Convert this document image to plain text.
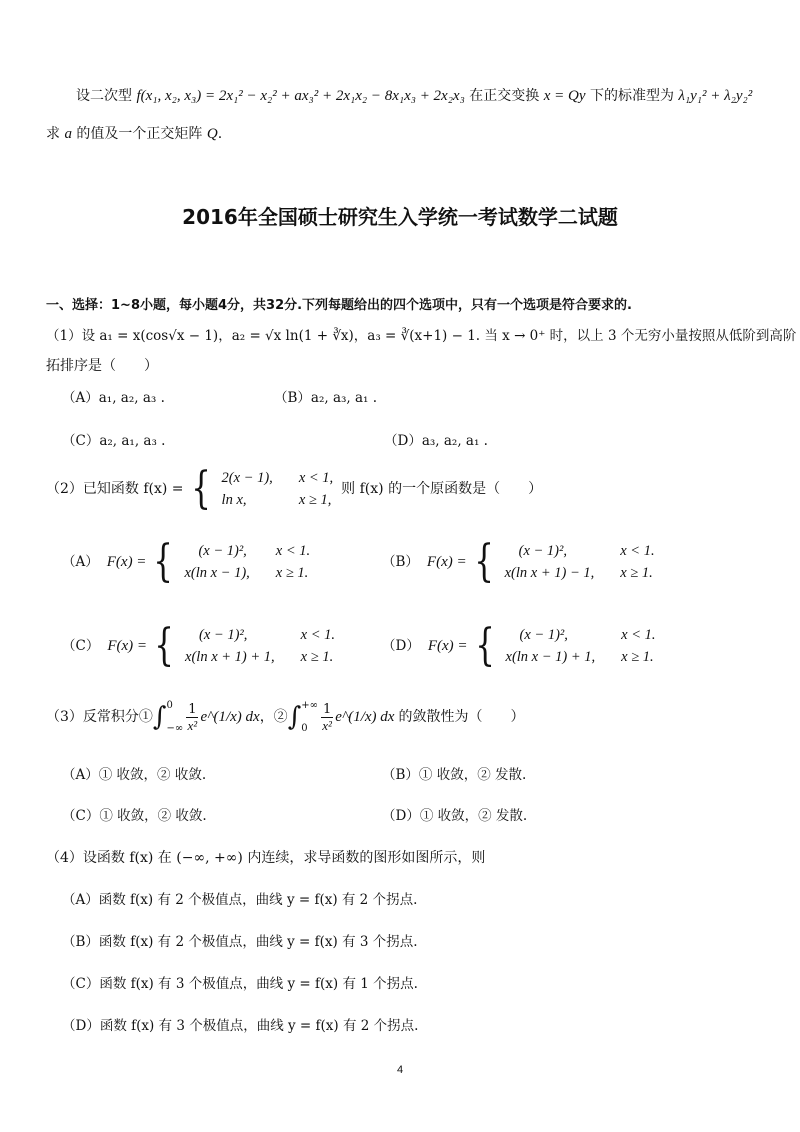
设二次型 f(x₁, x₂, x₃) = 2x₁² − x₂² + ax₃² + 2x₁x₂ − 8x₁x₃ + 2x₂x₃ 在正交变换 x = Qy 下的标准型为 λ₁y₁² + λ₂y₂²
求 a 的值及一个正交矩阵 Q.
2016年全国硕士研究生入学统一考试数学二试题
一、选择：1~8小题，每小题4分，共32分.下列每题给出的四个选项中，只有一个选项是符合要求的.
（1）设 a₁ = x(cos√x − 1)，a₂ = √x ln(1 + ∛x)，a₃ = ∛(x+1) − 1. 当 x → 0⁺ 时，以上 3 个无穷小量按照从低阶到高阶
拓排序是（　　）
（A）a₁, a₂, a₃ .	（B）a₂, a₃, a₁ .
（C）a₂, a₁, a₃ .	（D）a₃, a₂, a₁ .
（2）已知函数 f(x) = { 2(x − 1),	x < 1,
ln x,	x ≥ 1,
则 f(x) 的一个原函数是（　　）
（A） F(x) = { (x − 1)²,	x < 1.
x(ln x − 1),	x ≥ 1.
（B） F(x) = { (x − 1)²,	x < 1.
x(ln x + 1) − 1,	x ≥ 1.
（C） F(x) = { (x − 1)²,	x < 1.
x(ln x + 1) + 1,	x ≥ 1.
（D） F(x) = { (x − 1)²,	x < 1.
x(ln x − 1) + 1,	x ≥ 1.
（3）反常积分① ∫ 0
−∞ $\frac{1}{\text{x²}}$ e^(1/x) dx ，② ∫ +∞
0	$\frac{1}{\text{x²}}$ e^(1/x) dx 的敛散性为（　　）
（A）① 收敛，② 收敛.	（B）① 收敛，② 发散.
（C）① 收敛，② 收敛.	（D）① 收敛，② 发散.
（4）设函数 f(x) 在 (−∞, +∞) 内连续，求导函数的图形如图所示，则
（A）函数 f(x) 有 2 个极值点，曲线 y = f(x) 有 2 个拐点.
（B）函数 f(x) 有 2 个极值点，曲线 y = f(x) 有 3 个拐点.
（C）函数 f(x) 有 3 个极值点，曲线 y = f(x) 有 1 个拐点.
（D）函数 f(x) 有 3 个极值点，曲线 y = f(x) 有 2 个拐点.
4
